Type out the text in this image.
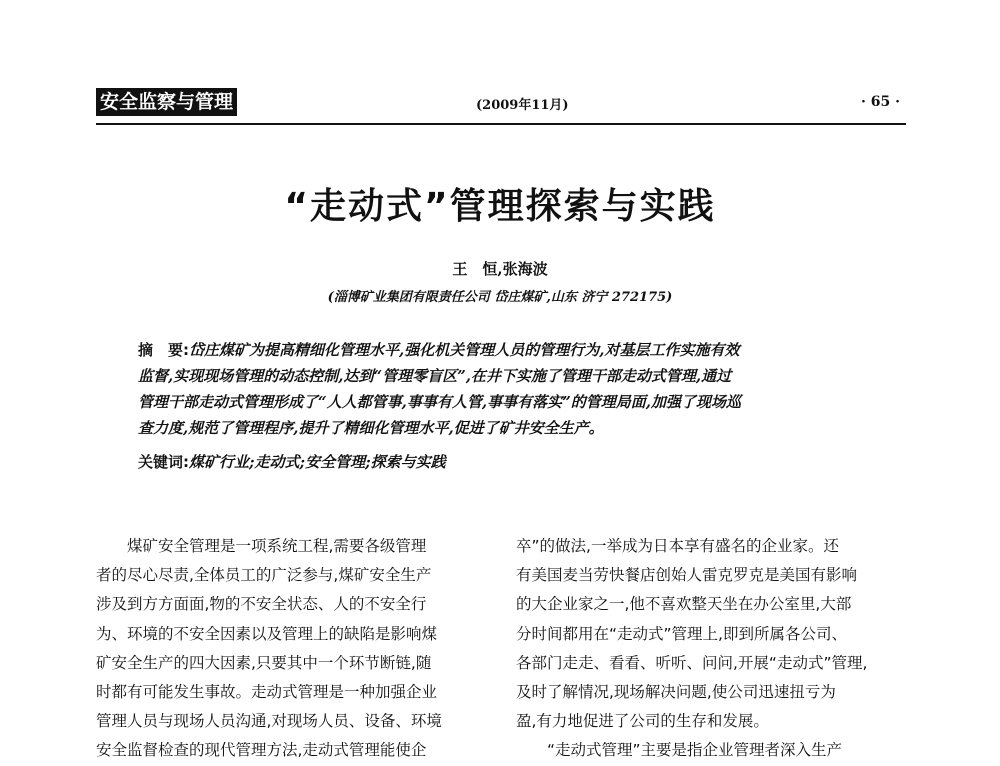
安全监察与管理	(2009年11月)	· 65 ·
“走动式”管理探索与实践
王　恒,张海波
(淄博矿业集团有限责任公司 岱庄煤矿,山东 济宁 272175)
摘　要:岱庄煤矿为提高精细化管理水平,强化机关管理人员的管理行为,对基层工作实施有效
监督,实现现场管理的动态控制,达到“管理零盲区”,在井下实施了管理干部走动式管理,通过
管理干部走动式管理形成了“人人都管事,事事有人管,事事有落实”的管理局面,加强了现场巡
查力度,规范了管理程序,提升了精细化管理水平,促进了矿井安全生产。
关键词:煤矿行业;走动式;安全管理;探索与实践
　　煤矿安全管理是一项系统工程,需要各级管理
者的尽心尽责,全体员工的广泛参与,煤矿安全生产
涉及到方方面面,物的不安全状态、人的不安全行
为、环境的不安全因素以及管理上的缺陷是影响煤
矿安全生产的四大因素,只要其中一个环节断链,随
时都有可能发生事故。走动式管理是一种加强企业
管理人员与现场人员沟通,对现场人员、设备、环境
安全监督检查的现代管理方法,走动式管理能使企
卒”的做法,一举成为日本享有盛名的企业家。还
有美国麦当劳快餐店创始人雷克罗克是美国有影响
的大企业家之一,他不喜欢整天坐在办公室里,大部
分时间都用在“走动式”管理上,即到所属各公司、
各部门走走、看看、听听、问问,开展“走动式”管理,
及时了解情况,现场解决问题,使公司迅速扭亏为
盈,有力地促进了公司的生存和发展。
　　“走动式管理”主要是指企业管理者深入生产
